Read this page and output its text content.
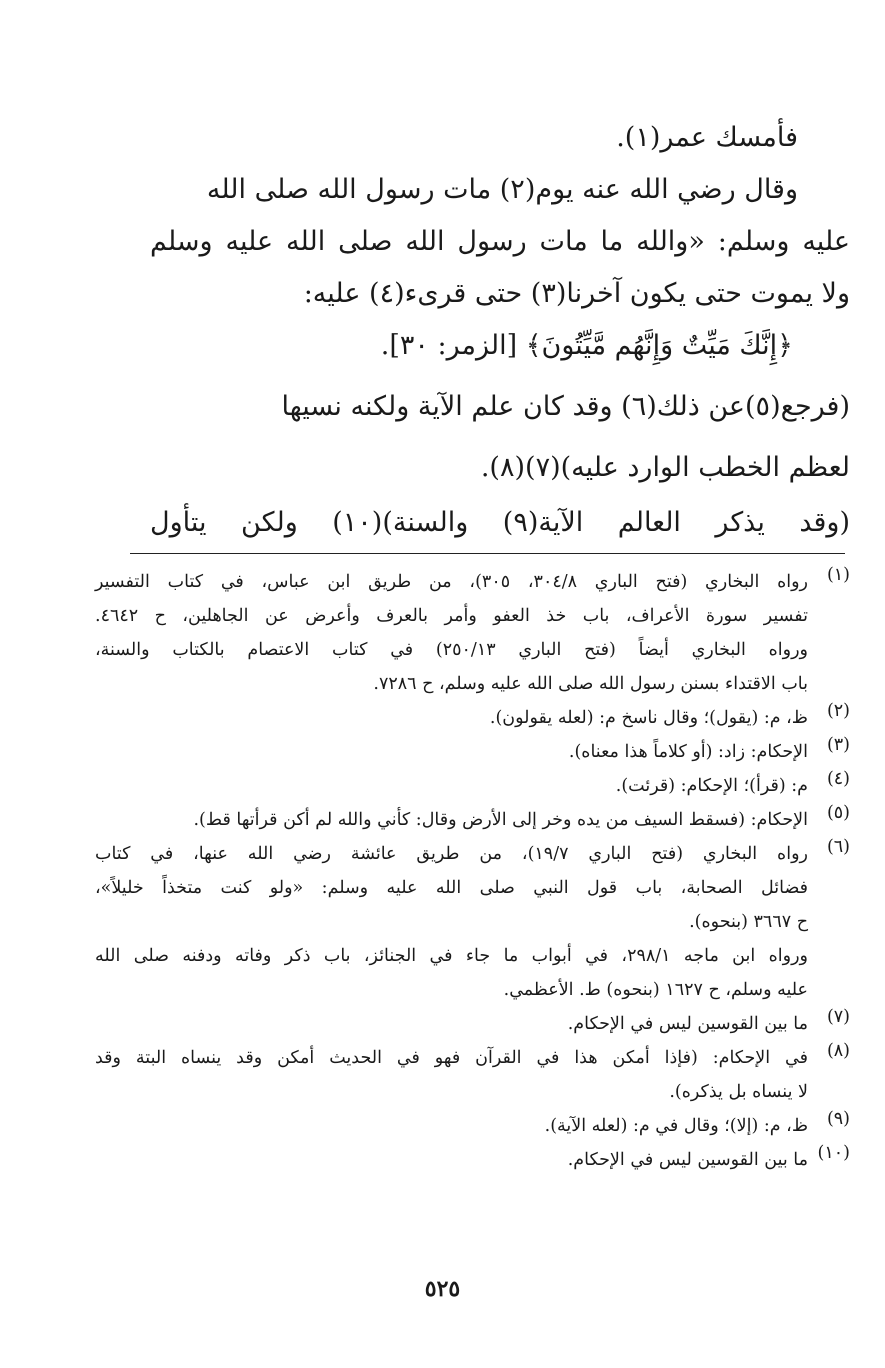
فأمسك عمر(١).
وقال رضي الله عنه يوم(٢) مات رسول الله صلى الله
عليه وسلم: «والله ما مات رسول الله صلى الله عليه وسلم
ولا يموت حتى يكون آخرنا(٣) حتى قرىء(٤) عليه:
﴿إِنَّكَ مَيِّتٌ وَإِنَّهُم مَّيِّتُونَ﴾ [الزمر: ٣٠].
(فرجع(٥)عن ذلك(٦) وقد كان علم الآية ولكنه نسيها
لعظم الخطب الوارد عليه)(٧)(٨).
(وقد يذكر العالم الآية(٩) والسنة)(١٠) ولكن يتأول
(١)
رواه البخاري (فتح الباري ٣٠٤/٨، ٣٠٥)، من طريق ابن عباس، في كتاب التفسير
تفسير سورة الأعراف، باب خذ العفو وأمر بالعرف وأعرض عن الجاهلين، ح ٤٦٤٢.
ورواه البخاري أيضاً (فتح الباري ٢٥٠/١٣) في كتاب الاعتصام بالكتاب والسنة،
باب الاقتداء بسنن رسول الله صلى الله عليه وسلم، ح ٧٢٨٦.
(٢)
ظ، م: (يقول)؛ وقال ناسخ م: (لعله يقولون).
(٣)
الإحكام: زاد: (أو كلاماً هذا معناه).
(٤)
م: (قرأ)؛ الإحكام: (قرئت).
(٥)
الإحكام: (فسقط السيف من يده وخر إلى الأرض وقال: كأني والله لم أكن قرأتها قط).
(٦)
رواه البخاري (فتح الباري ١٩/٧)، من طريق عائشة رضي الله عنها، في كتاب
فضائل الصحابة، باب قول النبي صلى الله عليه وسلم: «ولو كنت متخذاً خليلاً»،
ح ٣٦٦٧ (بنحوه).
ورواه ابن ماجه ٢٩٨/١، في أبواب ما جاء في الجنائز، باب ذكر وفاته ودفنه صلى الله
عليه وسلم، ح ١٦٢٧ (بنحوه) ط. الأعظمي.
(٧)
ما بين القوسين ليس في الإحكام.
(٨)
في الإحكام: (فإذا أمكن هذا في القرآن فهو في الحديث أمكن وقد ينساه البتة وقد
لا ينساه بل يذكره).
(٩)
ظ، م: (إلا)؛ وقال في م: (لعله الآية).
(١٠)
ما بين القوسين ليس في الإحكام.
٥٢٥
